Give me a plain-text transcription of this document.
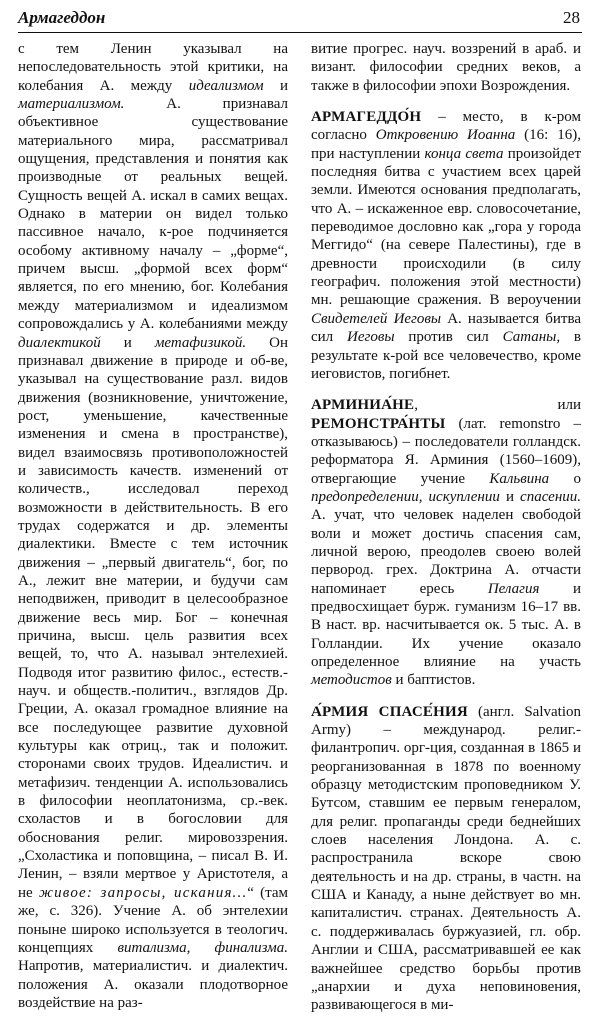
Армагеддон	28

с тем Ленин указывал на непоследовательность этой критики, на колебания А. между идеализмом и материализмом. А. признавал объективное существование материального мира, рассматривал ощущения, представления и понятия как производные от реальных вещей. Сущность вещей А. искал в самих вещах. Однако в материи он видел только пассивное начало, к-рое подчиняется особому активному началу – „форме“, причем высш. „формой всех форм“ является, по его мнению, бог. Колебания между материализмом и идеализмом сопровождались у А. колебаниями между диалектикой и метафизикой. Он признавал движение в природе и об-ве, указывал на существование разл. видов движения (возникновение, уничтожение, рост, уменьшение, качественные изменения и смена в пространстве), видел взаимосвязь противоположностей и зависимость качеств. изменений от количеств., исследовал переход возможности в действительность. В его трудах содержатся и др. элементы диалектики. Вместе с тем источник движения – „первый двигатель“, бог, по А., лежит вне материи, и будучи сам неподвижен, приводит в целесообразное движение весь мир. Бог – конечная причина, высш. цель развития всех вещей, то, что А. называл энтелехией. Подводя итог развитию филос., естеств.-науч. и обществ.-политич., взглядов Др. Греции, А. оказал громадное влияние на все последующее развитие духовной культуры как отриц., так и положит. сторонами своих трудов. Идеалистич. и метафизич. тенденции А. использовались в философии неоплатонизма, ср.-век. схоластов и в богословии для обоснования религ. мировоззрения. „Схоластика и поповщина, – писал В. И. Ленин, – взяли мертвое у Аристотеля, а не живое: запросы, искания…“ (там же, с. 326). Учение А. об энтелехии поныне широко используется в теологич. концепциях витализма, финализма. Напротив, материалистич. и диалектич. положения А. оказали плодотворное воздействие на раз-

витие прогрес. науч. воззрений в араб. и визант. философии средних веков, а также в философии эпохи Возрождения.

АРМАГЕДДО́Н – место, в к-ром согласно Откровению Иоанна (16: 16), при наступлении конца света произойдет последняя битва с участием всех царей земли. Имеются основания предполагать, что А. – искаженное евр. словосочетание, переводимое дословно как „гора у города Меггидо“ (на севере Палестины), где в древности происходили (в силу географич. положения этой местности) мн. решающие сражения. В вероучении Свидетелей Иеговы А. называется битва сил Иеговы против сил Сатаны, в результате к-рой все человечество, кроме иеговистов, погибнет.

АРМИНИА́НЕ, или РЕМОНСТРА́НТЫ (лат. remonstro – отказываюсь) – последователи голландск. реформатора Я. Арминия (1560–1609), отвергающие учение Кальвина о предопределении, искуплении и спасении. А. учат, что человек наделен свободой воли и может достичь спасения сам, личной верою, преодолев своею волей первород. грех. Доктрина А. отчасти напоминает ересь Пелагия и предвосхищает бурж. гуманизм 16–17 вв. В наст. вр. насчитывается ок. 5 тыс. А. в Голландии. Их учение оказало определенное влияние на участь методистов и баптистов.

А́РМИЯ СПАСЕ́НИЯ (англ. Salvation Army) – международ. религ.-филантропич. орг-ция, созданная в 1865 и реорганизованная в 1878 по военному образцу методистским проповедником У. Бутсом, ставшим ее первым генералом, для религ. пропаганды среди беднейших слоев населения Лондона. А. с. распространила вскоре свою деятельность и на др. страны, в частн. на США и Канаду, а ныне действует во мн. капиталистич. странах. Деятельность А. с. поддерживалась буржуазией, гл. обр. Англии и США, рассматривавшей ее как важнейшее средство борьбы против „анархии и духа неповиновения, развивающегося в ми-
